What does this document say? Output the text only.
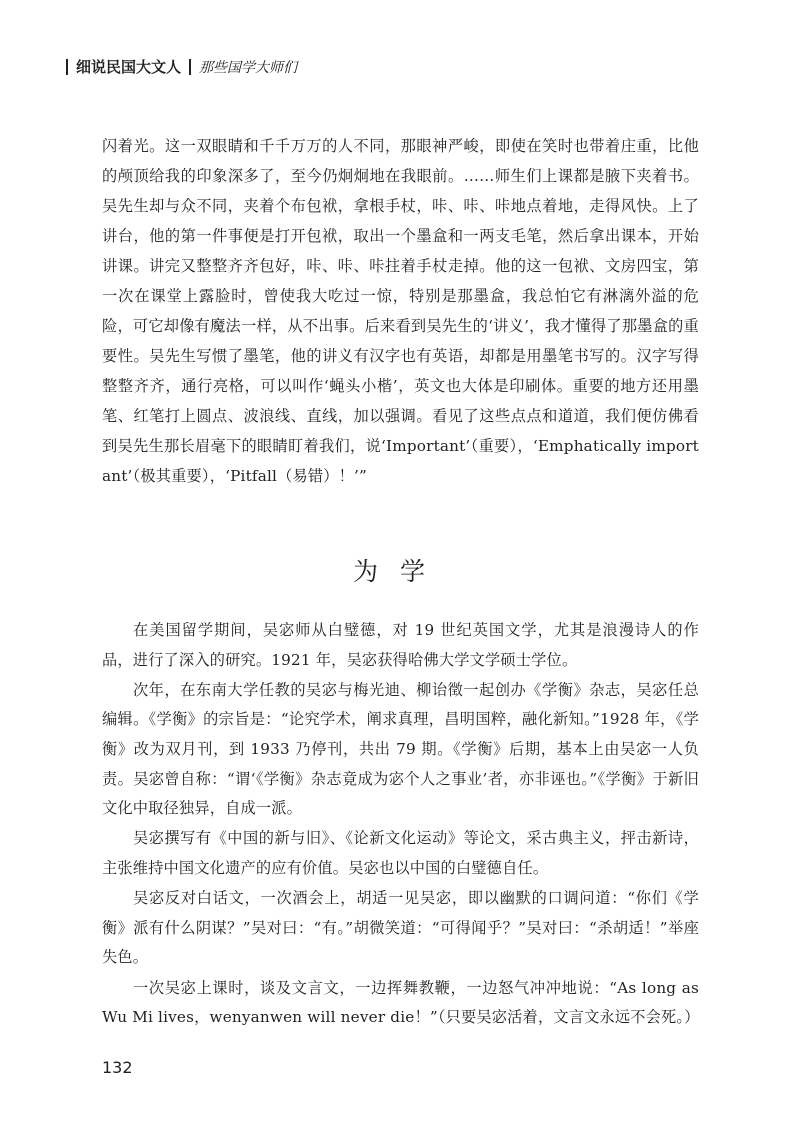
细说民国大文人 那些国学大师们

闪着光。这一双眼睛和千千万万的人不同，那眼神严峻，即使在笑时也带着庄重，比他的颅顶给我的印象深多了，至今仍炯炯地在我眼前。……师生们上课都是腋下夹着书。吴先生却与众不同，夹着个布包袱，拿根手杖，咔、咔、咔地点着地，走得风快。上了讲台，他的第一件事便是打开包袱，取出一个墨盒和一两支毛笔，然后拿出课本，开始讲课。讲完又整整齐齐包好，咔、咔、咔拄着手杖走掉。他的这一包袱、文房四宝，第一次在课堂上露脸时，曾使我大吃过一惊，特别是那墨盒，我总怕它有淋漓外溢的危险，可它却像有魔法一样，从不出事。后来看到吴先生的‘讲义’，我才懂得了那墨盒的重要性。吴先生写惯了墨笔，他的讲义有汉字也有英语，却都是用墨笔书写的。汉字写得整整齐齐，通行亮格，可以叫作‘蝇头小楷’，英文也大体是印刷体。重要的地方还用墨笔、红笔打上圆点、波浪线、直线，加以强调。看见了这些点点和道道，我们便仿佛看到吴先生那长眉毫下的眼睛盯着我们，说‘Important’（重要），‘Emphatically important’（极其重要），‘Pitfall（易错）！’”

为学

在美国留学期间，吴宓师从白璧德，对 19 世纪英国文学，尤其是浪漫诗人的作品，进行了深入的研究。1921 年，吴宓获得哈佛大学文学硕士学位。

次年，在东南大学任教的吴宓与梅光迪、柳诒徵一起创办《学衡》杂志，吴宓任总编辑。《学衡》的宗旨是：“论究学术，阐求真理，昌明国粹，融化新知。”1928 年，《学衡》改为双月刊，到 1933 乃停刊，共出 79 期。《学衡》后期，基本上由吴宓一人负责。吴宓曾自称：“谓‘《学衡》杂志竟成为宓个人之事业’者，亦非诬也。”《学衡》于新旧文化中取径独异，自成一派。

吴宓撰写有《中国的新与旧》、《论新文化运动》等论文，采古典主义，抨击新诗，主张维持中国文化遗产的应有价值。吴宓也以中国的白璧德自任。

吴宓反对白话文，一次酒会上，胡适一见吴宓，即以幽默的口调问道：“你们《学衡》派有什么阴谋？”吴对曰：“有。”胡微笑道：“可得闻乎？”吴对曰：“杀胡适！”举座失色。

一次吴宓上课时，谈及文言文，一边挥舞教鞭，一边怒气冲冲地说：“As long as Wu Mi lives，wenyanwen will never die！”（只要吴宓活着，文言文永远不会死。）

132
